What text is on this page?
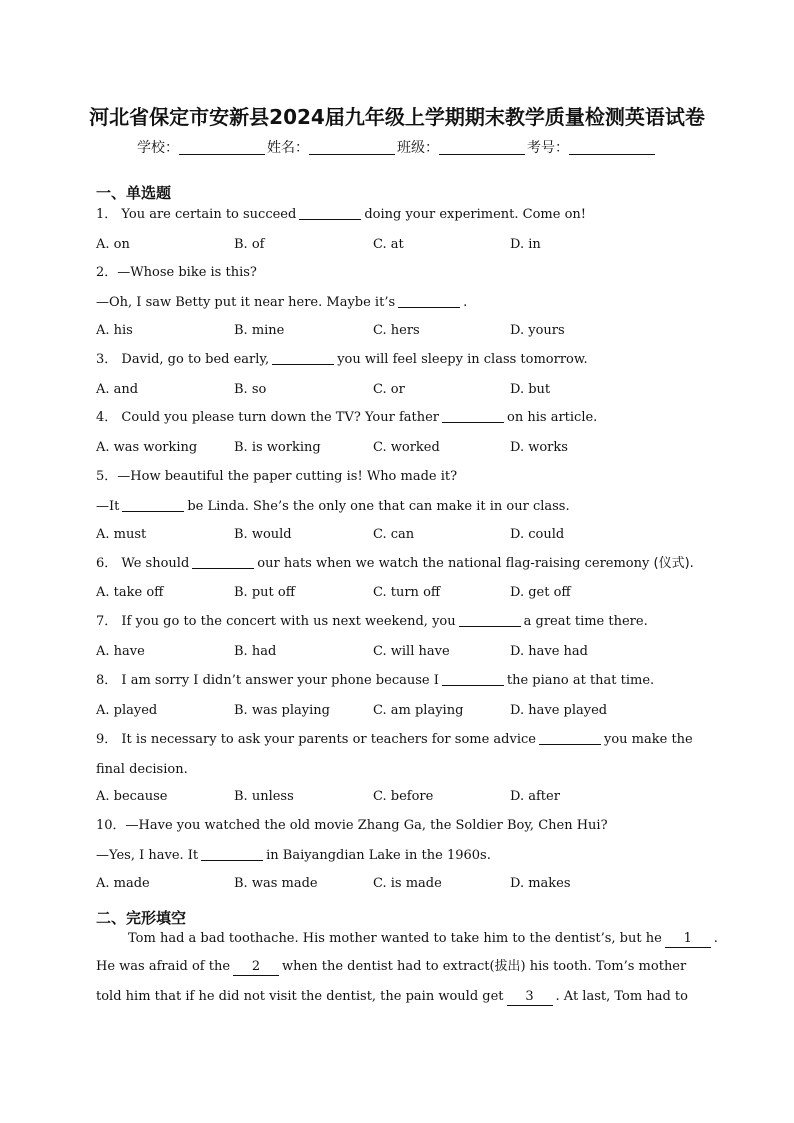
河北省保定市安新县2024届九年级上学期期末教学质量检测英语试卷
学校：	姓名：	班级：	考号：
一、单选题
1． You are certain to succeed	doing your experiment. Come on!
A. on	B. of	C. at	D. in
2．—Whose bike is this?
—Oh, I saw Betty put it near here. Maybe it’s	.
A. his	B. mine	C. hers	D. yours
3． David, go to bed early,	you will feel sleepy in class tomorrow.
A. and	B. so	C. or	D. but
4． Could you please turn down the TV? Your father	on his article.
A. was working	B. is working	C. worked	D. works
5．—How beautiful the paper cutting is! Who made it?
—It	be Linda. She’s the only one that can make it in our class.
A. must	B. would	C. can	D. could
6． We should	our hats when we watch the national flag-raising ceremony (仪式).
A. take off	B. put off	C. turn off	D. get off
7． If you go to the concert with us next weekend, you	a great time there.
A. have	B. had	C. will have	D. have had
8． I am sorry I didn’t answer your phone because I	the piano at that time.
A. played	B. was playing	C. am playing	D. have played
9． It is necessary to ask your parents or teachers for some advice	you make the
final decision.
A. because	B. unless	C. before	D. after
10．—Have you watched the old movie Zhang Ga, the Soldier Boy, Chen Hui?
—Yes, I have. It	in Baiyangdian Lake in the 1960s.
A. made	B. was made	C. is made	D. makes
二、完形填空
Tom had a bad toothache. His mother wanted to take him to the dentist’s, but he 1 .
He was afraid of the 2 when the dentist had to extract(拔出) his tooth. Tom’s mother
told him that if he did not visit the dentist, the pain would get 3 . At last, Tom had to
